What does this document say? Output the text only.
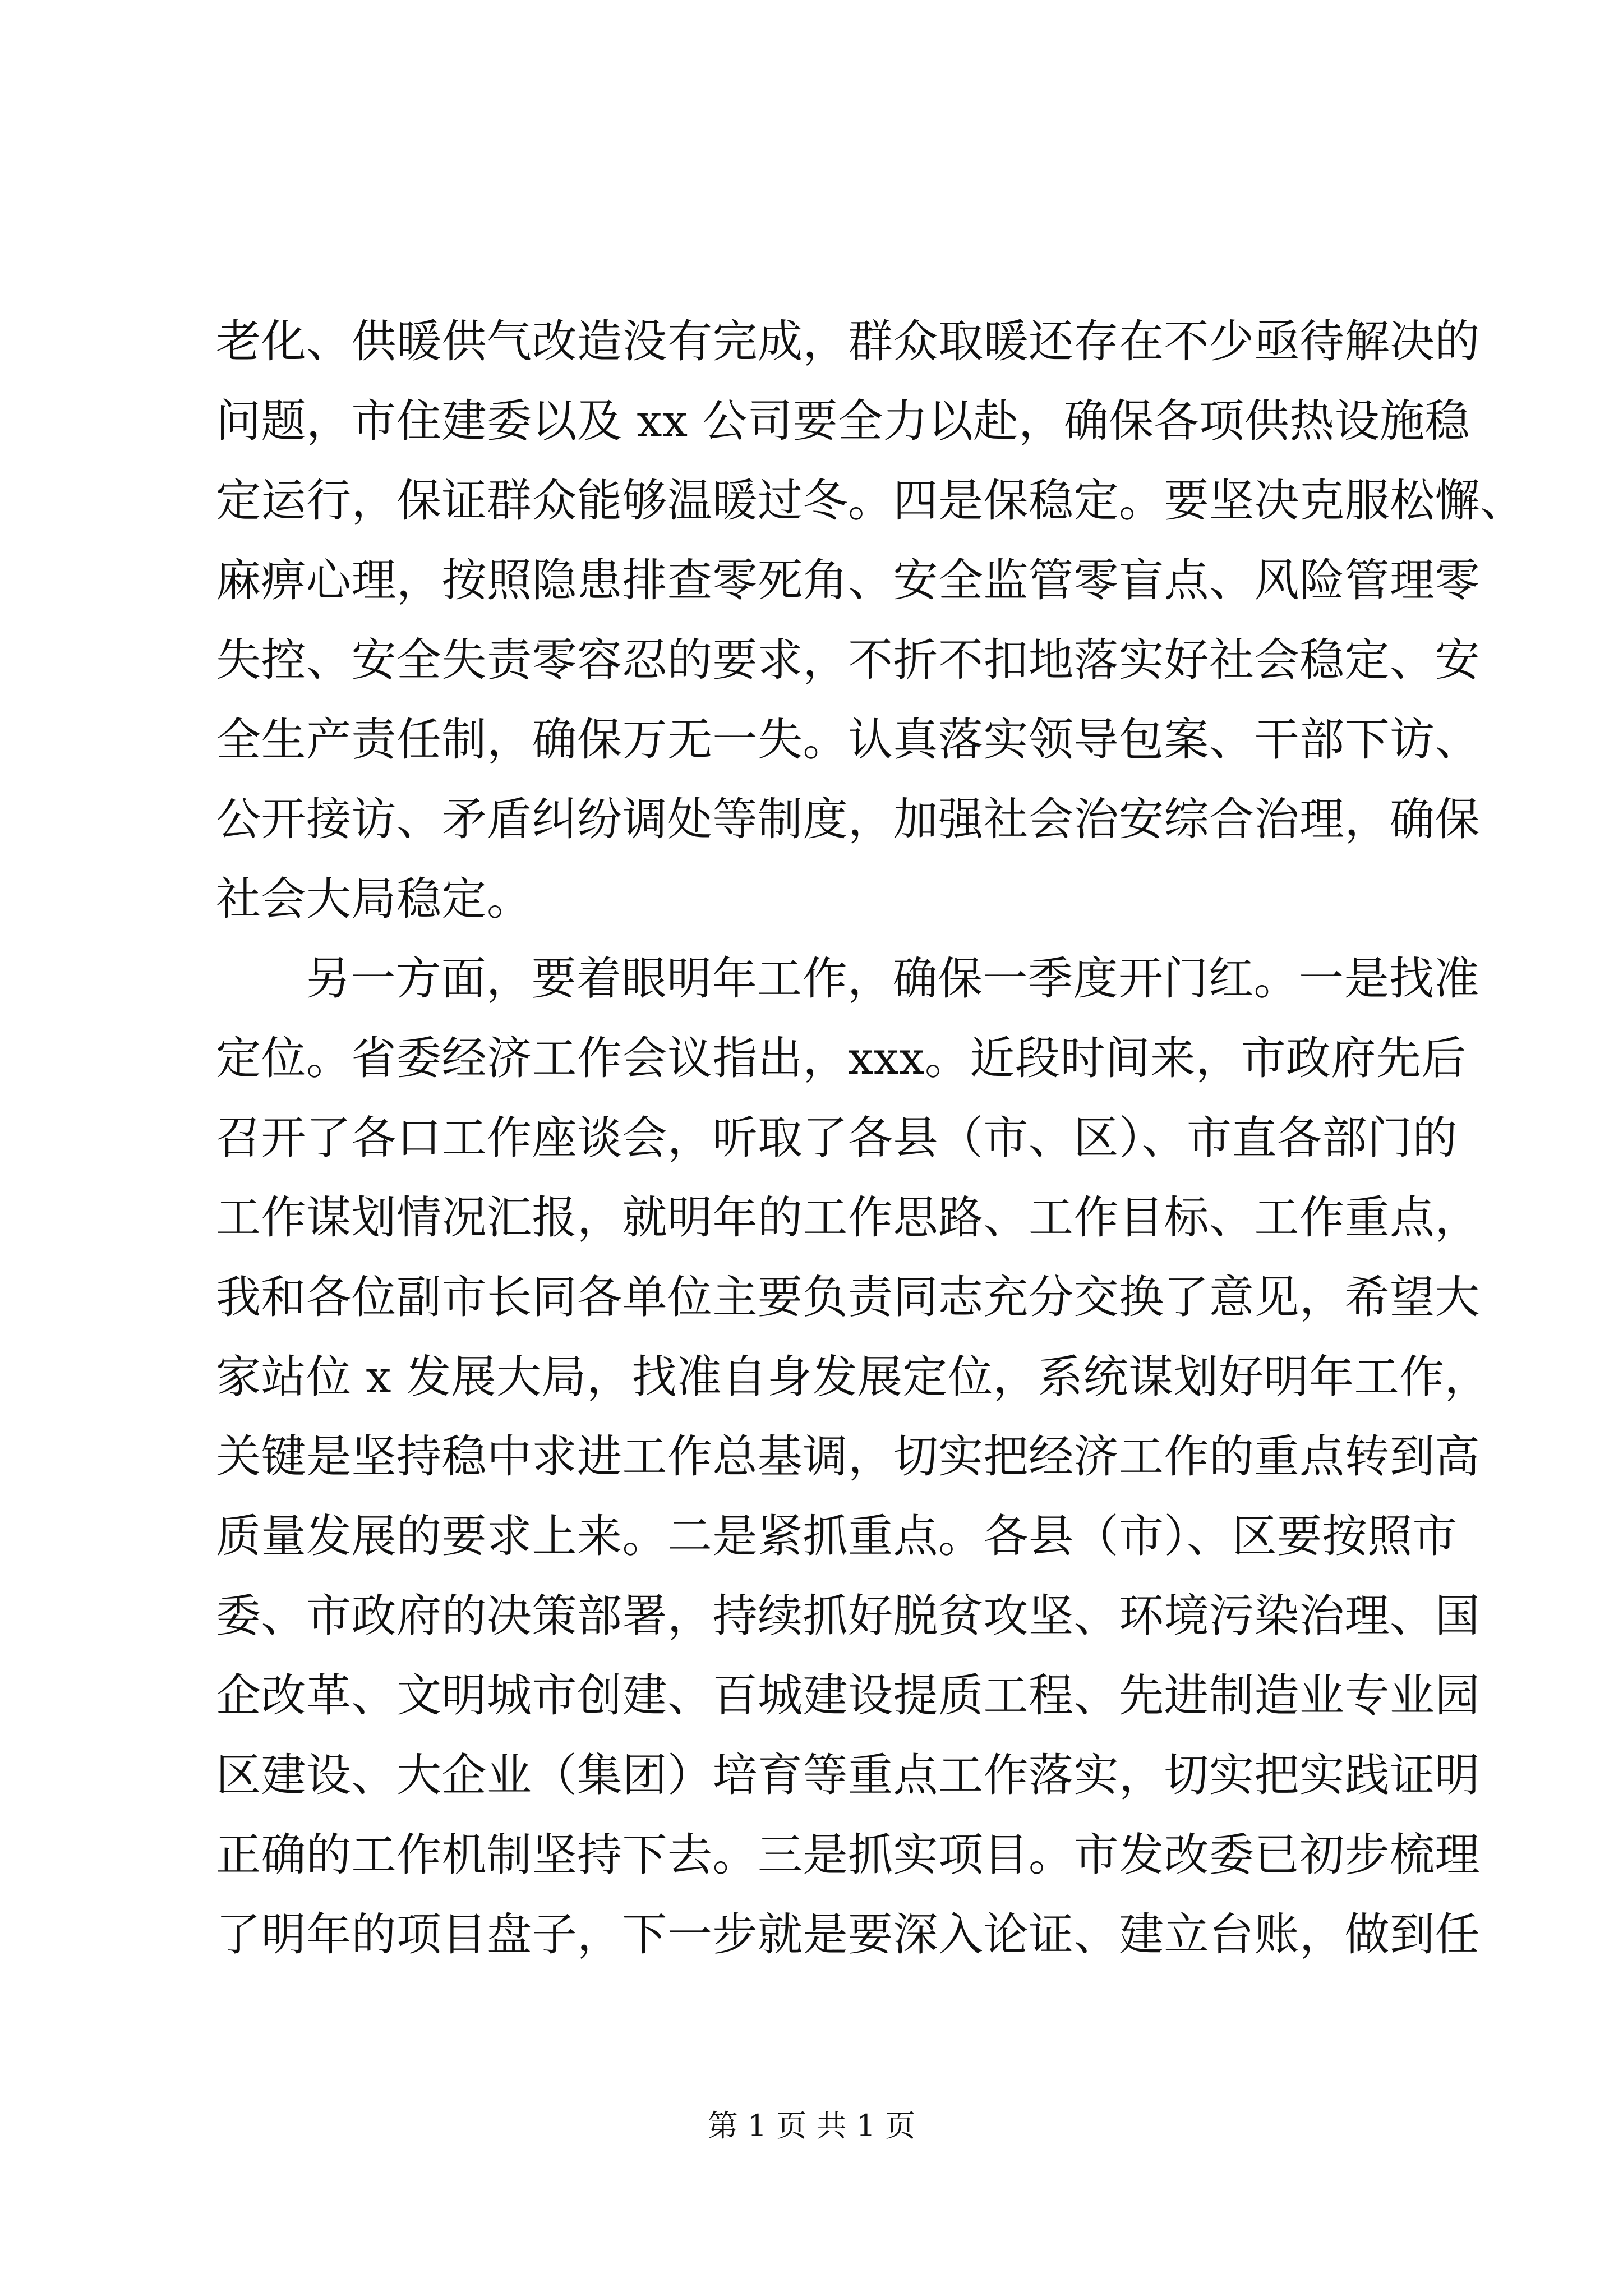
老化、供暖供气改造没有完成，群众取暖还存在不少亟待解决的
问题，市住建委以及 xx 公司要全力以赴，确保各项供热设施稳
定运行，保证群众能够温暖过冬。四是保稳定。要坚决克服松懈、
麻痹心理，按照隐患排查零死角、安全监管零盲点、风险管理零
失控、安全失责零容忍的要求，不折不扣地落实好社会稳定、安
全生产责任制，确保万无一失。认真落实领导包案、干部下访、
公开接访、矛盾纠纷调处等制度，加强社会治安综合治理，确保
社会大局稳定。
另一方面，要着眼明年工作，确保一季度开门红。一是找准
定位。省委经济工作会议指出，xxx。近段时间来，市政府先后
召开了各口工作座谈会，听取了各县（市、区）、市直各部门的
工作谋划情况汇报，就明年的工作思路、工作目标、工作重点，
我和各位副市长同各单位主要负责同志充分交换了意见，希望大
家站位 x 发展大局，找准自身发展定位，系统谋划好明年工作，
关键是坚持稳中求进工作总基调，切实把经济工作的重点转到高
质量发展的要求上来。二是紧抓重点。各县（市）、区要按照市
委、市政府的决策部署，持续抓好脱贫攻坚、环境污染治理、国
企改革、文明城市创建、百城建设提质工程、先进制造业专业园
区建设、大企业（集团）培育等重点工作落实，切实把实践证明
正确的工作机制坚持下去。三是抓实项目。市发改委已初步梳理
了明年的项目盘子，下一步就是要深入论证、建立台账，做到任
第 1 页 共 1 页
